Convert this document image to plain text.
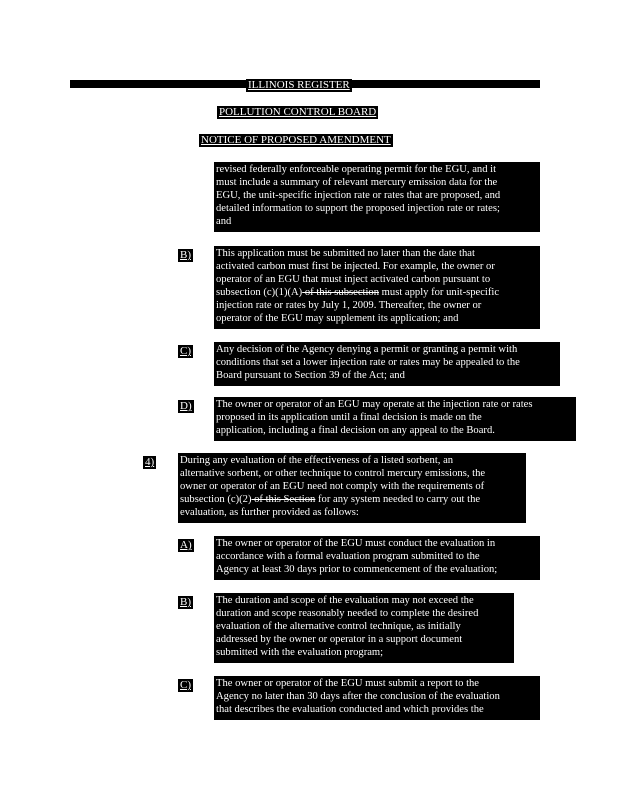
ILLINOIS REGISTER
POLLUTION CONTROL BOARD
NOTICE OF PROPOSED AMENDMENT
revised federally enforceable operating permit for the EGU, and it
must include a summary of relevant mercury emission data for the
EGU, the unit-specific injection rate or rates that are proposed, and
detailed information to support the proposed injection rate or rates;
and
B) This application must be submitted no later than the date that
activated carbon must first be injected. For example, the owner or
operator of an EGU that must inject activated carbon pursuant to
subsection (c)(1)(A) of this subsection must apply for unit-specific
injection rate or rates by July 1, 2009. Thereafter, the owner or
operator of the EGU may supplement its application; and
C) Any decision of the Agency denying a permit or granting a permit with
conditions that set a lower injection rate or rates may be appealed to the
Board pursuant to Section 39 of the Act; and
D) The owner or operator of an EGU may operate at the injection rate or rates
proposed in its application until a final decision is made on the
application, including a final decision on any appeal to the Board.
4) During any evaluation of the effectiveness of a listed sorbent, an
alternative sorbent, or other technique to control mercury emissions, the
owner or operator of an EGU need not comply with the requirements of
subsection (c)(2) of this Section for any system needed to carry out the
evaluation, as further provided as follows:
A) The owner or operator of the EGU must conduct the evaluation in
accordance with a formal evaluation program submitted to the
Agency at least 30 days prior to commencement of the evaluation;
B) The duration and scope of the evaluation may not exceed the
duration and scope reasonably needed to complete the desired
evaluation of the alternative control technique, as initially
addressed by the owner or operator in a support document
submitted with the evaluation program;
C) The owner or operator of the EGU must submit a report to the
Agency no later than 30 days after the conclusion of the evaluation
that describes the evaluation conducted and which provides the
